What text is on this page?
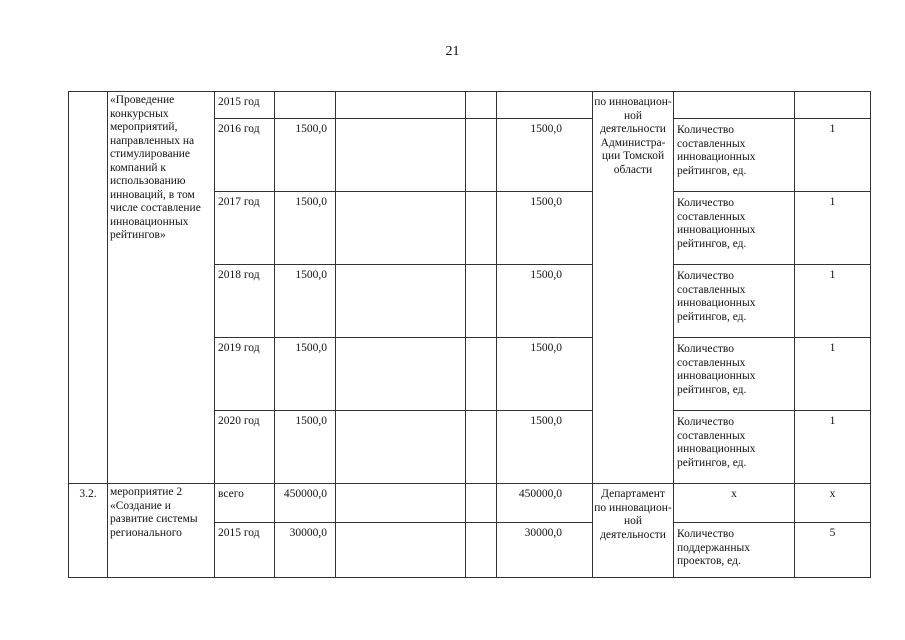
21
	«Проведение конкурсных мероприятий, направленных на стимулирование компаний к использованию инноваций, в том числе составление инновационных рейтингов»	2015 год					по инновацион-ной деятельности Администра-ции Томской области		
		2016 год	1500,0			1500,0		Количество составленных инновационных рейтингов, ед.	1
		2017 год	1500,0			1500,0		Количество составленных инновационных рейтингов, ед.	1
		2018 год	1500,0			1500,0		Количество составленных инновационных рейтингов, ед.	1
		2019 год	1500,0			1500,0		Количество составленных инновационных рейтингов, ед.	1
		2020 год	1500,0			1500,0		Количество составленных инновационных рейтингов, ед.	1
3.2.	мероприятие 2 «Создание и развитие системы регионального	всего	450000,0			450000,0	Департамент по инновацион-ной деятельности	х	х
		2015 год	30000,0			30000,0		Количество поддержанных проектов, ед.	5
